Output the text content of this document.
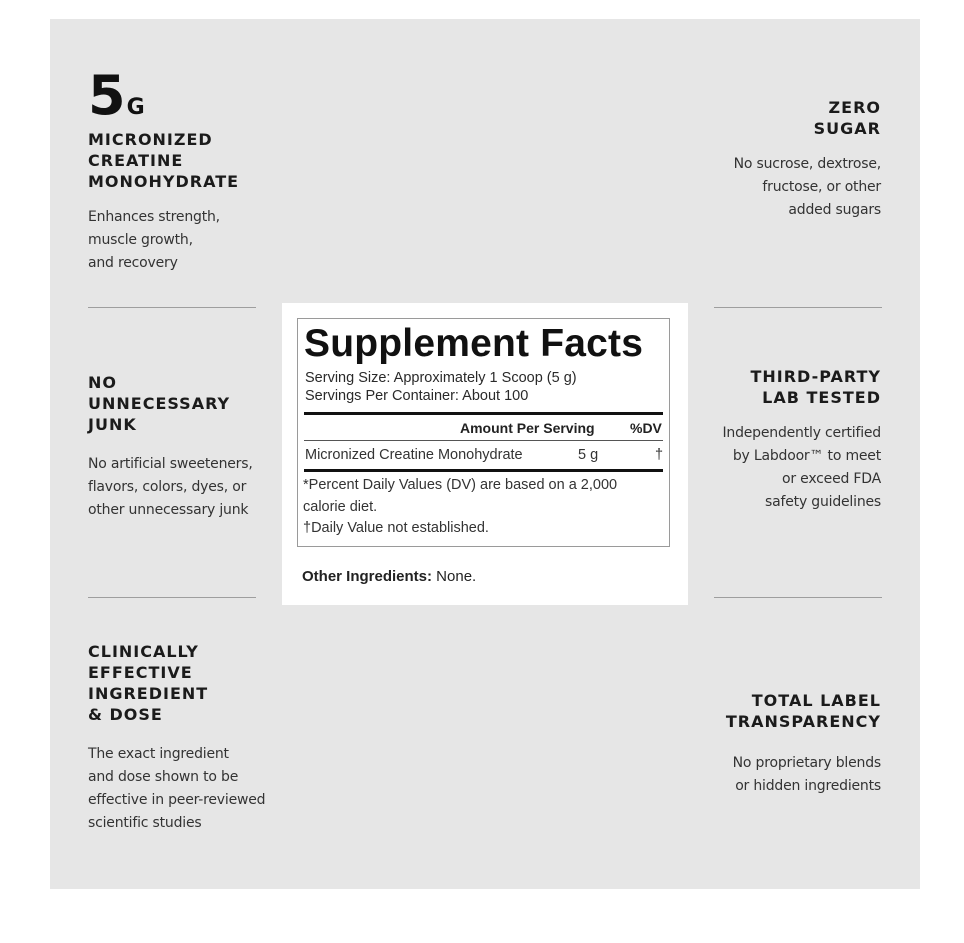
5G
MICRONIZED
CREATINE
MONOHYDRATE
Enhances strength,
muscle growth,
and recovery
ZERO
SUGAR
No sucrose, dextrose,
fructose, or other
added sugars
NO
UNNECESSARY
JUNK
No artificial sweeteners,
flavors, colors, dyes, or
other unnecessary junk
THIRD-PARTY
LAB TESTED
Independently certified
by Labdoor™ to meet
or exceed FDA
safety guidelines
CLINICALLY
EFFECTIVE
INGREDIENT
& DOSE
The exact ingredient
and dose shown to be
effective in peer-reviewed
scientific studies
TOTAL LABEL
TRANSPARENCY
No proprietary blends
or hidden ingredients
Supplement Facts
Serving Size: Approximately 1 Scoop (5 g)
Servings Per Container: About 100
Amount Per Serving	%DV
Micronized Creatine Monohydrate	5 g	†
*Percent Daily Values (DV) are based on a 2,000
calorie diet.
†Daily Value not established.
Other Ingredients: None.
